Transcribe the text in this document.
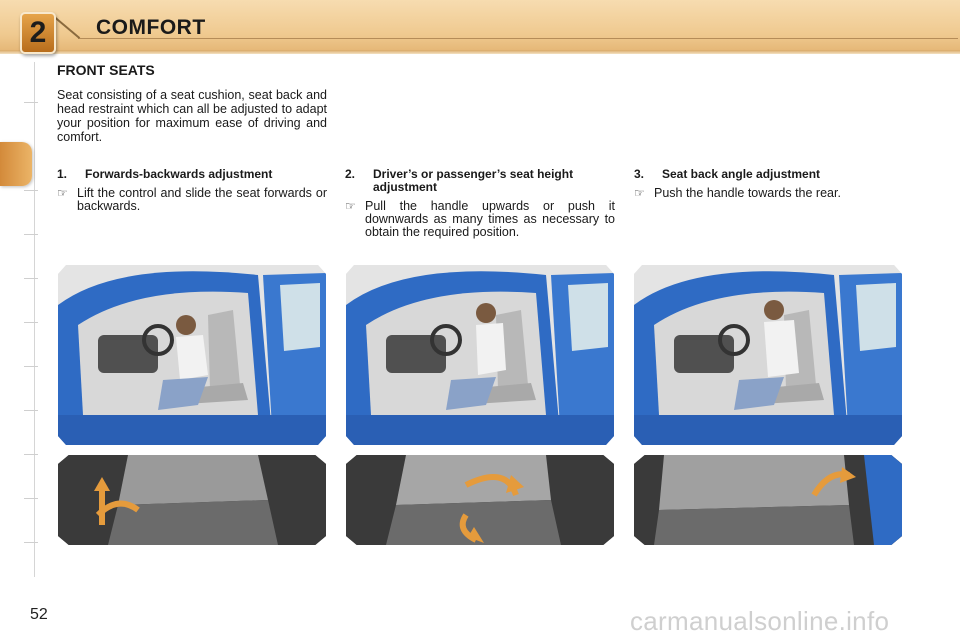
2	COMFORT
FRONT SEATS
Seat consisting of a seat cushion, seat back and head restraint which can all be adjusted to adapt your position for maximum ease of driving and comfort.
1.	Forwards-backwards adjustment
☞ Lift the control and slide the seat forwards or backwards.
2.	Driver’s or passenger’s seat height adjustment
☞ Pull the handle upwards or push it downwards as many times as necessary to obtain the required position.
3.	Seat back angle adjustment
☞ Push the handle towards the rear.
52	carmanualsonline.info
